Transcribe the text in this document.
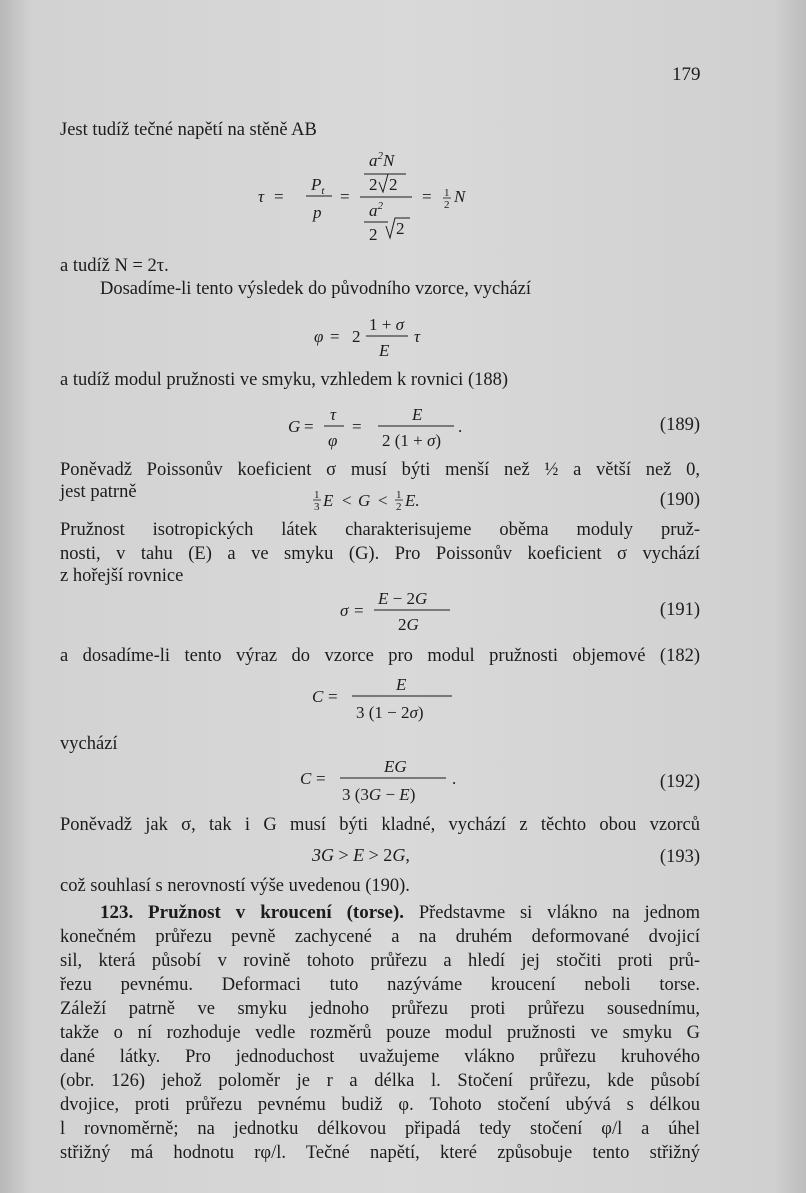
179
Jest tudíž tečné napětí na stěně AB
τ =
$P_t$
p
=
$a^2N$
2 2
$a^2$
2 2
= 1
2 N
a tudíž N = 2τ.
Dosadíme-li tento výsledek do původního vzorce, vychází
φ = 2
1 + σ
E
τ
a tudíž modul pružnosti ve smyku, vzhledem k rovnici (188)
G =
τ
φ
=
E
2 (1 + σ)
.	(189)
Poněvadž Poissonův koeficient σ musí býti menší než ½ a větší než 0,
jest patrně	1
3 E < G < 1
2 E.	(190)
Pružnost isotropických látek charakterisujeme oběma moduly pruž-
nosti, v tahu (E) a ve smyku (G). Pro Poissonův koeficient σ vychází
z hořejší rovnice
σ =
E − 2G
2G
(191)
a dosadíme-li tento výraz do vzorce pro modul pružnosti objemové (182)
C =
E
3 (1 − 2σ)
vychází
C =
EG
3 (3G − E)
.	(192)
Poněvadž jak σ, tak i G musí býti kladné, vychází z těchto obou vzorců
3G > E > 2G,	(193)
což souhlasí s nerovností výše uvedenou (190).
123. Pružnost v kroucení (torse). Představme si vlákno na jednom
konečném průřezu pevně zachycené a na druhém deformované dvojicí
sil, která působí v rovině tohoto průřezu a hledí jej stočiti proti prů-
řezu pevnému. Deformaci tuto nazýváme kroucení neboli torse.
Záleží patrně ve smyku jednoho průřezu proti průřezu sousednímu,
takže o ní rozhoduje vedle rozměrů pouze modul pružnosti ve smyku G
dané látky. Pro jednoduchost uvažujeme vlákno průřezu kruhového
(obr. 126) jehož poloměr je r a délka l. Stočení průřezu, kde působí
dvojice, proti průřezu pevnému budiž φ. Tohoto stočení ubývá s délkou
l rovnoměrně; na jednotku délkovou připadá tedy stočení φ/l a úhel
střižný má hodnotu rφ/l. Tečné napětí, které způsobuje tento střižný
